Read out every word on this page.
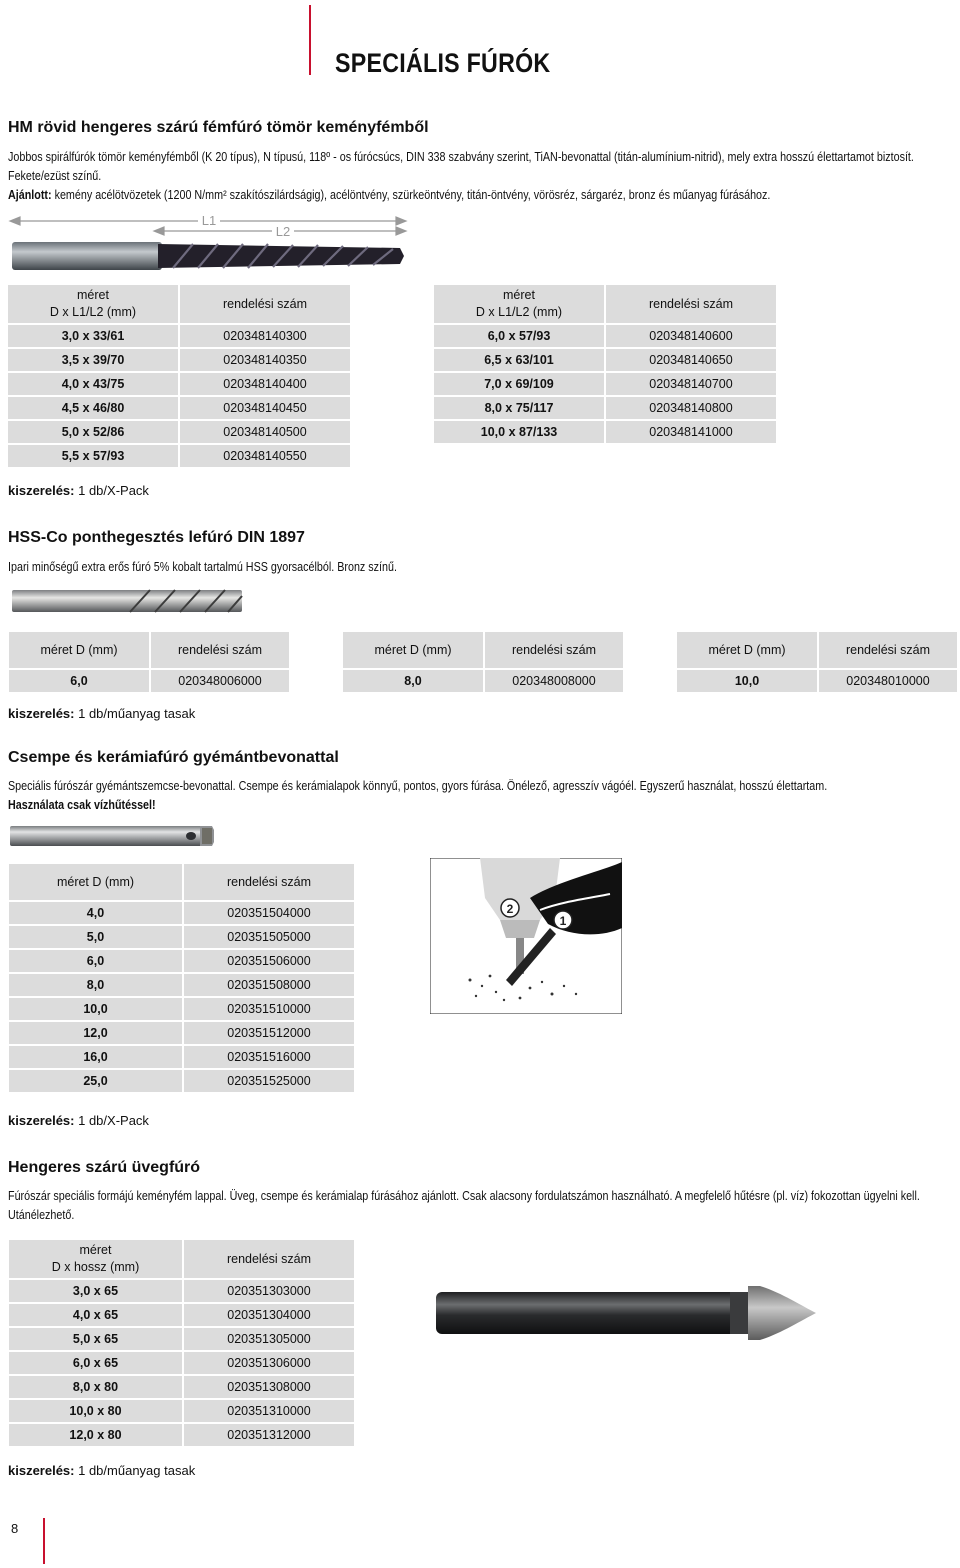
SPECIÁLIS FÚRÓK
HM rövid hengeres szárú fémfúró tömör keményfémből
Jobbos spirálfúrók tömör keményfémből (K 20 típus), N típusú, 118º - os fúrócsúcs, DIN 338 szabvány szerint, TiAN-bevonattal (titán-alumínium-nitrid), mely extra hosszú élettartamot biztosít.
Fekete/ezüst színű.
Ajánlott: kemény acélötvözetek (1200 N/mm² szakítószilárdságig), acélöntvény, szürkeöntvény, titán-öntvény, vörösréz, sárgaréz, bronz és műanyag fúrásához.
L1
L2
méret
D x L1/L2 (mm)	rendelési szám
3,0 x 33/61	020348140300
3,5 x 39/70	020348140350
4,0 x 43/75	020348140400
4,5 x 46/80	020348140450
5,0 x 52/86	020348140500
5,5 x 57/93	020348140550
méret
D x L1/L2 (mm)	rendelési szám
6,0 x 57/93	020348140600
6,5 x 63/101	020348140650
7,0 x 69/109	020348140700
8,0 x 75/117	020348140800
10,0 x 87/133	020348141000
kiszerelés: 1 db/X-Pack
HSS-Co ponthegesztés lefúró DIN 1897
Ipari minőségű extra erős fúró 5% kobalt tartalmú HSS gyorsacélból. Bronz színű.
méret D (mm)	rendelési szám
6,0	020348006000
méret D (mm)	rendelési szám
8,0	020348008000
méret D (mm)	rendelési szám
10,0	020348010000
kiszerelés: 1 db/műanyag tasak
Csempe és kerámiafúró gyémántbevonattal
Speciális fúrószár gyémántszemcse-bevonattal. Csempe és kerámialapok könnyű, pontos, gyors fúrása. Önélező, agresszív vágóél. Egyszerű használat, hosszú élettartam.
Használata csak vízhűtéssel!
méret D (mm)	rendelési szám
4,0	020351504000
5,0	020351505000
6,0	020351506000
8,0	020351508000
10,0	020351510000
12,0	020351512000
16,0	020351516000
25,0	020351525000
2
1
kiszerelés: 1 db/X-Pack
Hengeres szárú üvegfúró
Fúrószár speciális formájú keményfém lappal. Üveg, csempe és kerámialap fúrásához ajánlott. Csak alacsony fordulatszámon használható. A megfelelő hűtésre (pl. víz) fokozottan ügyelni kell.
Utánélezhető.
méret
D x hossz (mm)	rendelési szám
3,0 x 65	020351303000
4,0 x 65	020351304000
5,0 x 65	020351305000
6,0 x 65	020351306000
8,0 x 80	020351308000
10,0 x 80	020351310000
12,0 x 80	020351312000
kiszerelés: 1 db/műanyag tasak
8
